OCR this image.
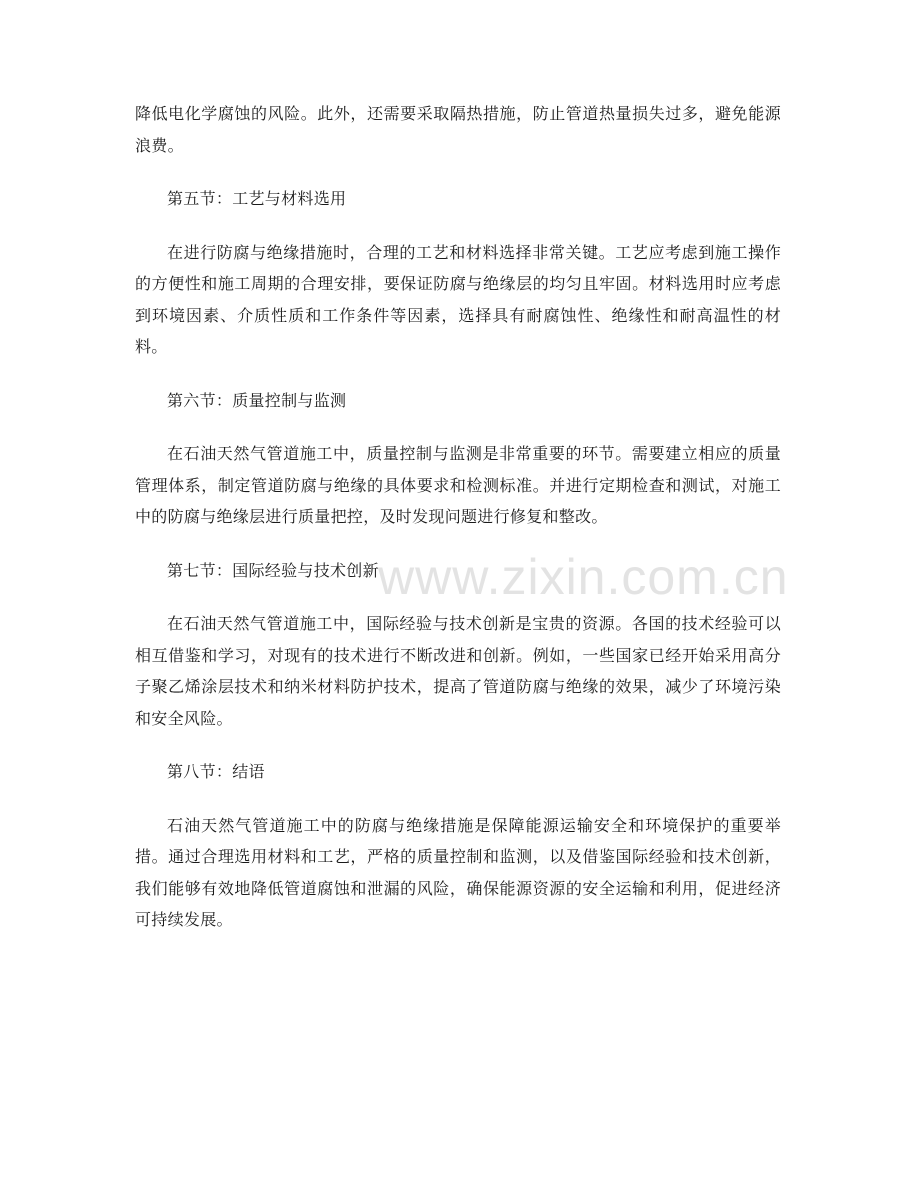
www.zixin.com.cn

降低电化学腐蚀的风险。此外，还需要采取隔热措施，防止管道热量损失过多，避免能源浪费。

第五节：工艺与材料选用

在进行防腐与绝缘措施时，合理的工艺和材料选择非常关键。工艺应考虑到施工操作的方便性和施工周期的合理安排，要保证防腐与绝缘层的均匀且牢固。材料选用时应考虑到环境因素、介质性质和工作条件等因素，选择具有耐腐蚀性、绝缘性和耐高温性的材料。

第六节：质量控制与监测

在石油天然气管道施工中，质量控制与监测是非常重要的环节。需要建立相应的质量管理体系，制定管道防腐与绝缘的具体要求和检测标准。并进行定期检查和测试，对施工中的防腐与绝缘层进行质量把控，及时发现问题进行修复和整改。

第七节：国际经验与技术创新

在石油天然气管道施工中，国际经验与技术创新是宝贵的资源。各国的技术经验可以相互借鉴和学习，对现有的技术进行不断改进和创新。例如，一些国家已经开始采用高分子聚乙烯涂层技术和纳米材料防护技术，提高了管道防腐与绝缘的效果，减少了环境污染和安全风险。

第八节：结语

石油天然气管道施工中的防腐与绝缘措施是保障能源运输安全和环境保护的重要举措。通过合理选用材料和工艺，严格的质量控制和监测，以及借鉴国际经验和技术创新，我们能够有效地降低管道腐蚀和泄漏的风险，确保能源资源的安全运输和利用，促进经济可持续发展。
